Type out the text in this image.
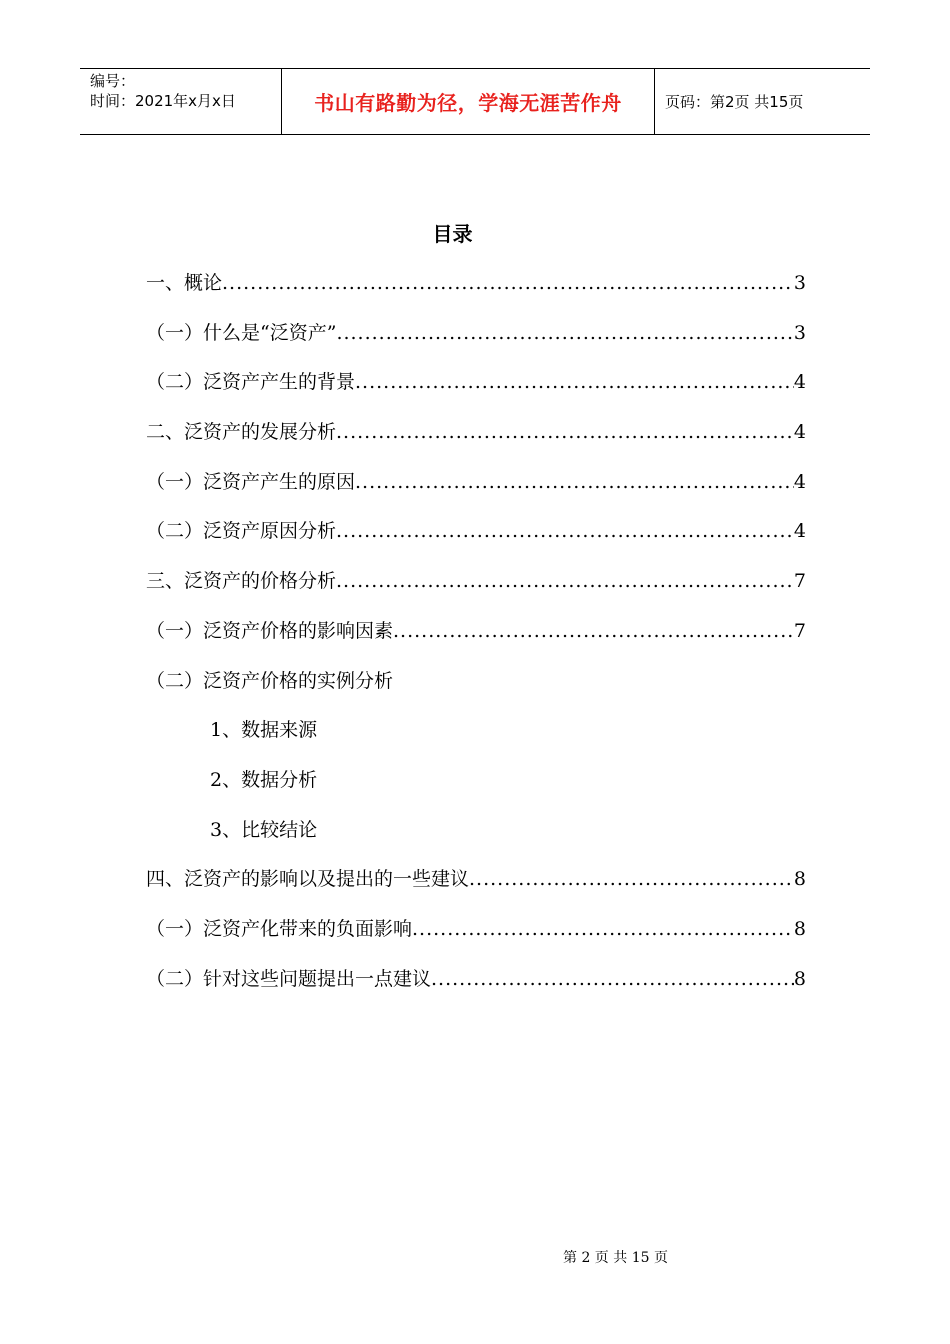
编号：
时间：2021年x月x日	书山有路勤为径，学海无涯苦作舟	页码：第2页 共15页
目录
一、概论 .....	3
（一）什么是“泛资产” .....	3
（二）泛资产产生的背景 .....	4
二、泛资产的发展分析 .....	4
（一）泛资产产生的原因 .....	4
（二）泛资产原因分析 .....	4
三、泛资产的价格分析 .....	7
（一）泛资产价格的影响因素 .....	7
（二）泛资产价格的实例分析
1、数据来源
2、数据分析
3、比较结论
四、泛资产的影响以及提出的一些建议 .....	8
（一）泛资产化带来的负面影响 .....	8
（二）针对这些问题提出一点建议 .....	8
第 2 页 共 15 页
